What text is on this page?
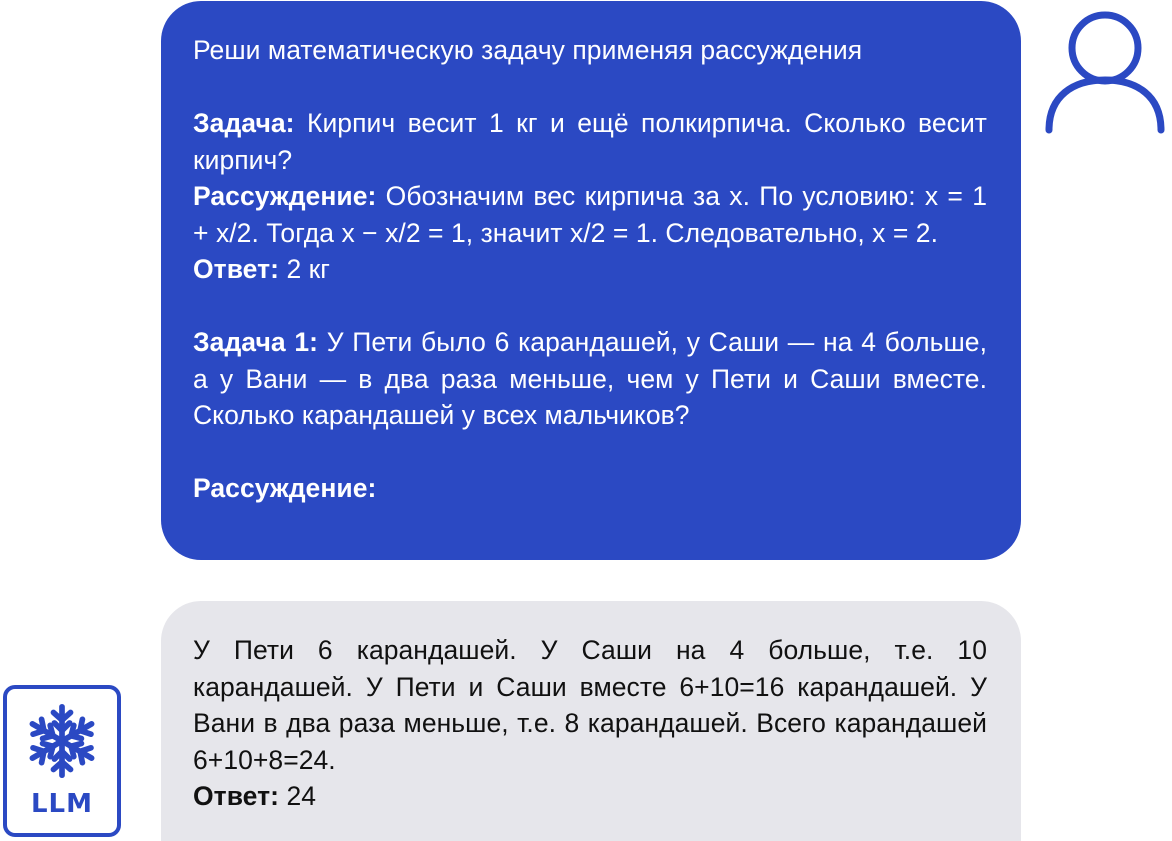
Реши математическую задачу применяя рассуждения

Задача: Кирпич весит 1 кг и ещё полкирпича. Сколько весит кирпич?

Рассуждение: Обозначим вес кирпича за x. По условию: x = 1 + x/2. Тогда x − x/2 = 1, значит x/2 = 1. Следовательно, x = 2.

Ответ: 2 кг

Задача 1: У Пети было 6 карандашей, у Саши — на 4 больше, а у Вани — в два раза меньше, чем у Пети и Саши вместе. Сколько карандашей у всех мальчиков?

Рассуждение:

У Пети 6 карандашей. У Саши на 4 больше, т.е. 10 карандашей. У Пети и Саши вместе 6+10=16 карандашей. У Вани в два раза меньше, т.е. 8 карандашей. Всего карандашей 6+10+8=24.

Ответ: 24

LLM
